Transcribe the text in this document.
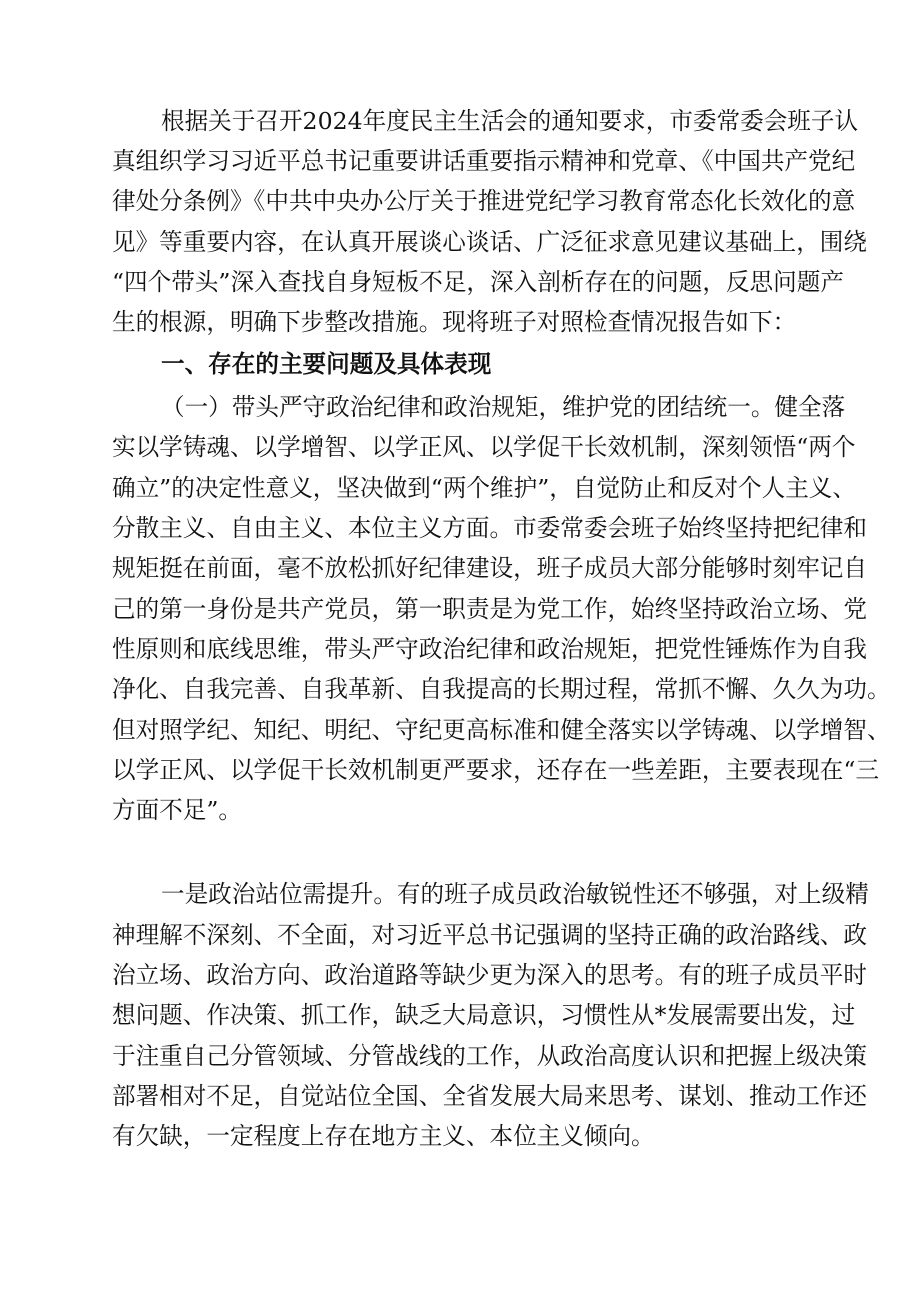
根据关于召开2024年度民主生活会的通知要求，市委常委会班子认
真组织学习习近平总书记重要讲话重要指示精神和党章、《中国共产党纪
律处分条例》《中共中央办公厅关于推进党纪学习教育常态化长效化的意
见》等重要内容，在认真开展谈心谈话、广泛征求意见建议基础上，围绕
“四个带头”深入查找自身短板不足，深入剖析存在的问题，反思问题产
生的根源，明确下步整改措施。现将班子对照检查情况报告如下：
一、存在的主要问题及具体表现
（一）带头严守政治纪律和政治规矩，维护党的团结统一。健全落
实以学铸魂、以学增智、以学正风、以学促干长效机制，深刻领悟“两个
确立”的决定性意义，坚决做到“两个维护”，自觉防止和反对个人主义、
分散主义、自由主义、本位主义方面。市委常委会班子始终坚持把纪律和
规矩挺在前面，毫不放松抓好纪律建设，班子成员大部分能够时刻牢记自
己的第一身份是共产党员，第一职责是为党工作，始终坚持政治立场、党
性原则和底线思维，带头严守政治纪律和政治规矩，把党性锤炼作为自我
净化、自我完善、自我革新、自我提高的长期过程，常抓不懈、久久为功。
但对照学纪、知纪、明纪、守纪更高标准和健全落实以学铸魂、以学增智、
以学正风、以学促干长效机制更严要求，还存在一些差距，主要表现在“三
方面不足”。
一是政治站位需提升。有的班子成员政治敏锐性还不够强，对上级精
神理解不深刻、不全面，对习近平总书记强调的坚持正确的政治路线、政
治立场、政治方向、政治道路等缺少更为深入的思考。有的班子成员平时
想问题、作决策、抓工作，缺乏大局意识，习惯性从*发展需要出发，过
于注重自己分管领域、分管战线的工作，从政治高度认识和把握上级决策
部署相对不足，自觉站位全国、全省发展大局来思考、谋划、推动工作还
有欠缺，一定程度上存在地方主义、本位主义倾向。
